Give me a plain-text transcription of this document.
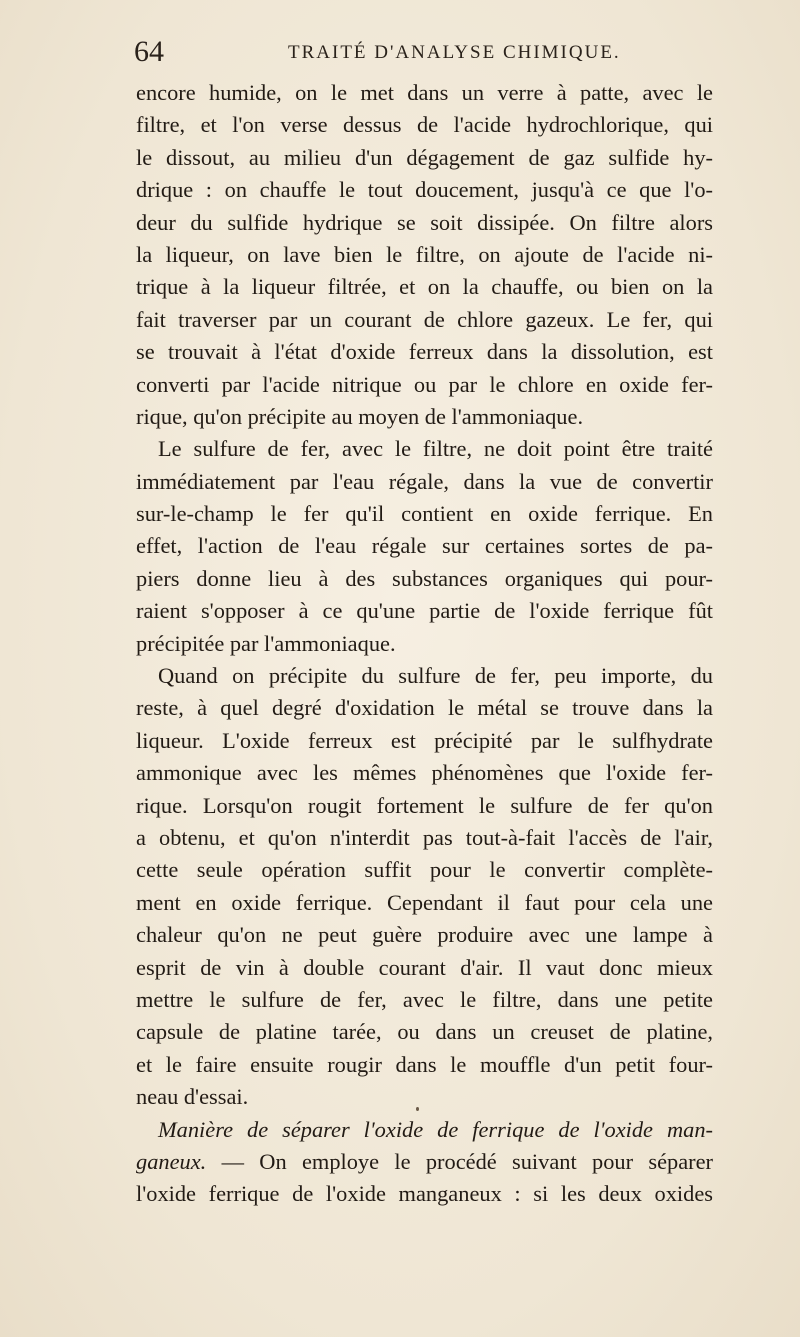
64	TRAITÉ D'ANALYSE CHIMIQUE.
encore humide, on le met dans un verre à patte, avec le
filtre, et l'on verse dessus de l'acide hydrochlorique, qui
le dissout, au milieu d'un dégagement de gaz sulfide hy-
drique : on chauffe le tout doucement, jusqu'à ce que l'o-
deur du sulfide hydrique se soit dissipée. On filtre alors
la liqueur, on lave bien le filtre, on ajoute de l'acide ni-
trique à la liqueur filtrée, et on la chauffe, ou bien on la
fait traverser par un courant de chlore gazeux. Le fer, qui
se trouvait à l'état d'oxide ferreux dans la dissolution, est
converti par l'acide nitrique ou par le chlore en oxide fer-
rique, qu'on précipite au moyen de l'ammoniaque.
Le sulfure de fer, avec le filtre, ne doit point être traité
immédiatement par l'eau régale, dans la vue de convertir
sur-le-champ le fer qu'il contient en oxide ferrique. En
effet, l'action de l'eau régale sur certaines sortes de pa-
piers donne lieu à des substances organiques qui pour-
raient s'opposer à ce qu'une partie de l'oxide ferrique fût
précipitée par l'ammoniaque.
Quand on précipite du sulfure de fer, peu importe, du
reste, à quel degré d'oxidation le métal se trouve dans la
liqueur. L'oxide ferreux est précipité par le sulfhydrate
ammonique avec les mêmes phénomènes que l'oxide fer-
rique. Lorsqu'on rougit fortement le sulfure de fer qu'on
a obtenu, et qu'on n'interdit pas tout-à-fait l'accès de l'air,
cette seule opération suffit pour le convertir complète-
ment en oxide ferrique. Cependant il faut pour cela une
chaleur qu'on ne peut guère produire avec une lampe à
esprit de vin à double courant d'air. Il vaut donc mieux
mettre le sulfure de fer, avec le filtre, dans une petite
capsule de platine tarée, ou dans un creuset de platine,
et le faire ensuite rougir dans le mouffle d'un petit four-
neau d'essai.
Manière de séparer l'oxide de ferrique de l'oxide man-
ganeux. — On employe le procédé suivant pour séparer
l'oxide ferrique de l'oxide manganeux : si les deux oxides
